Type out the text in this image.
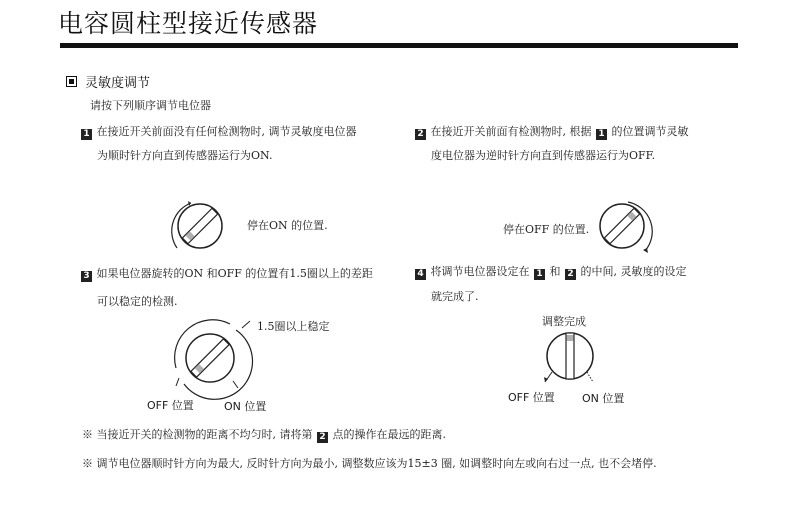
电容圆柱型接近传感器
灵敏度调节
请按下列顺序调节电位器
1 在接近开关前面没有任何检测物时, 调节灵敏度电位器
为顺时针方向直到传感器运行为ON.
2 在接近开关前面有检测物时, 根据 1 的位置调节灵敏
度电位器为逆时针方向直到传感器运行为OFF.
停在ON 的位置.	停在OFF 的位置.
3 如果电位器旋转的ON 和OFF 的位置有1.5圈以上的差距
可以稳定的检测.
1.5圈以上稳定
OFF 位置	ON 位置
4 将调节电位器设定在 1 和 2 的中间, 灵敏度的设定
就完成了.
调整完成
OFF 位置 ON 位置
※ 当接近开关的检测物的距离不均匀时, 请将第 2 点的操作在最远的距离.
※ 调节电位器顺时针方向为最大, 反时针方向为最小, 调整数应该为15±3 圈, 如调整时向左或向右过一点, 也不会堵停.
